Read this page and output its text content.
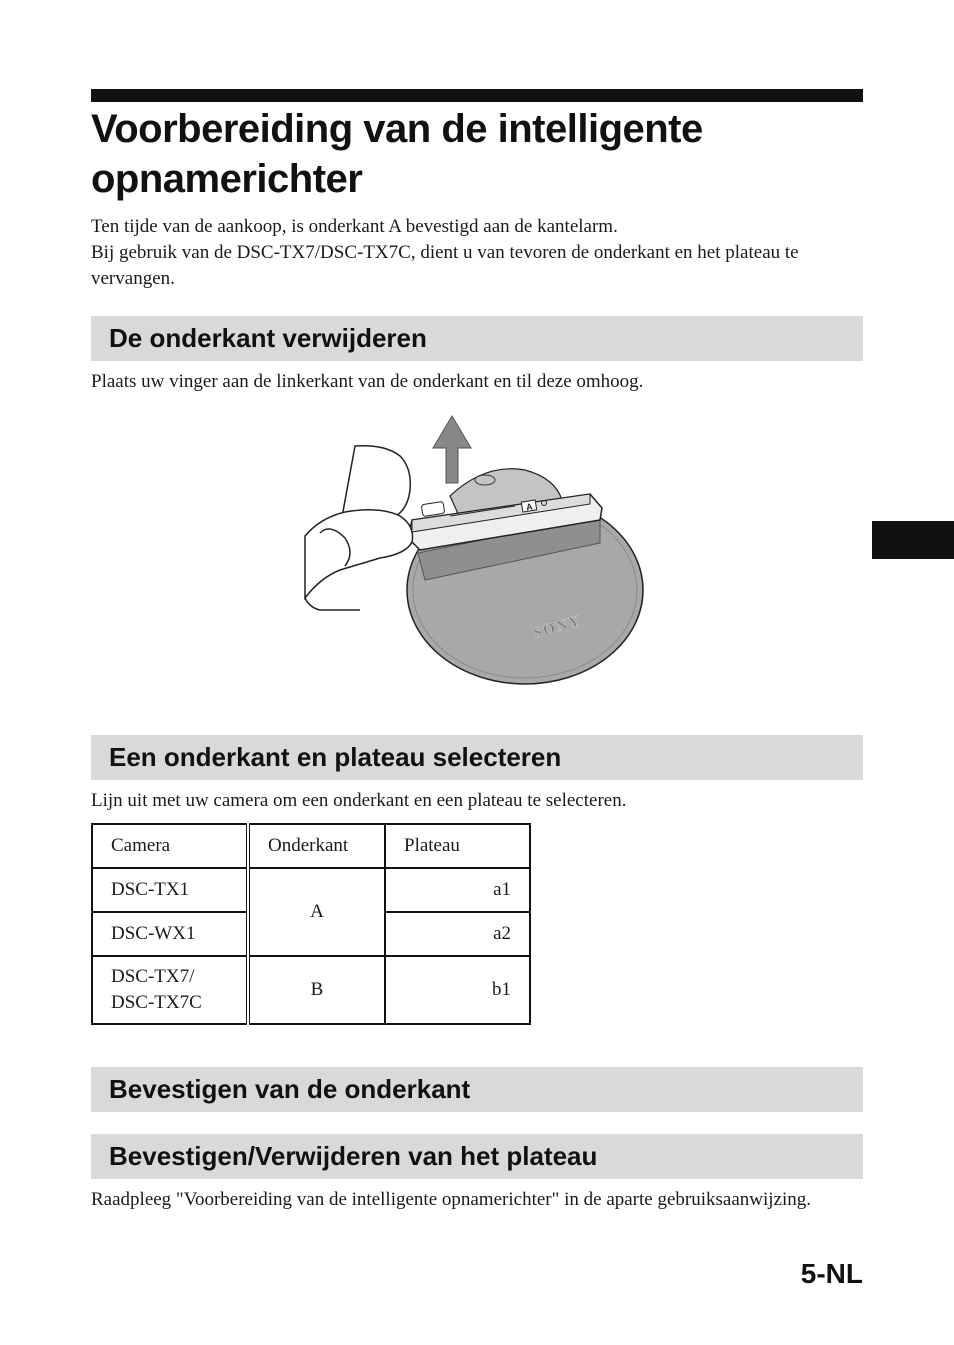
Voorbereiding van de intelligente opnamerichter
Ten tijde van de aankoop, is onderkant A bevestigd aan de kantelarm.
Bij gebruik van de DSC-TX7/DSC-TX7C, dient u van tevoren de onderkant en het plateau te vervangen.
De onderkant verwijderen

Plaats uw vinger aan de linkerkant van de onderkant en til deze omhoog.

A
SONY
Een onderkant en plateau selecteren

Lijn uit met uw camera om een onderkant en een plateau te selecteren.

Camera	Onderkant	Plateau
DSC-TX1	A	a1
DSC-WX1		a2
DSC-TX7/ DSC-TX7C	B	b1
Bevestigen van de onderkant
Bevestigen/Verwijderen van het plateau

Raadpleeg "Voorbereiding van de intelligente opnamerichter" in de aparte gebruiksaanwijzing.

5-NL
